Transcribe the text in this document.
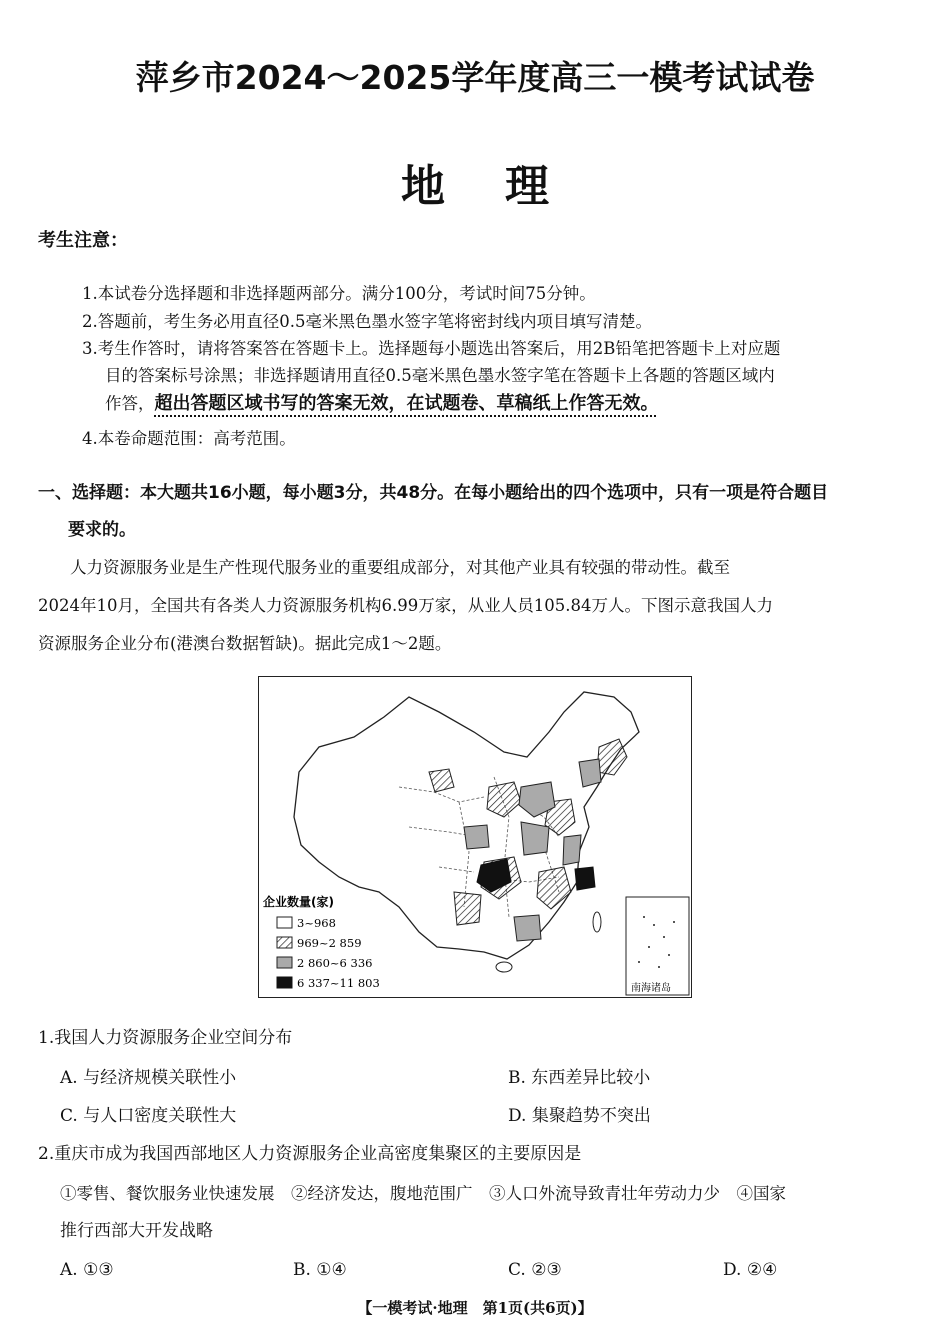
萍乡市2024～2025学年度高三一模考试试卷
地理
考生注意：
1.本试卷分选择题和非选择题两部分。满分100分，考试时间75分钟。
2.答题前，考生务必用直径0.5毫米黑色墨水签字笔将密封线内项目填写清楚。
3.考生作答时，请将答案答在答题卡上。选择题每小题选出答案后，用2B铅笔把答题卡上对应题
目的答案标号涂黑；非选择题请用直径0.5毫米黑色墨水签字笔在答题卡上各题的答题区域内
作答，超出答题区域书写的答案无效，在试题卷、草稿纸上作答无效。
4.本卷命题范围：高考范围。
一、选择题：本大题共16小题，每小题3分，共48分。在每小题给出的四个选项中，只有一项是符合题目
要求的。
人力资源服务业是生产性现代服务业的重要组成部分，对其他产业具有较强的带动性。截至
2024年10月，全国共有各类人力资源服务机构6.99万家，从业人员105.84万人。下图示意我国人力
资源服务企业分布(港澳台数据暂缺)。据此完成1～2题。
企业数量(家)
3~968
969~2 859
2 860~6 336
6 337~11 803	南海诸岛
1.我国人力资源服务企业空间分布
A. 与经济规模关联性小	B. 东西差异比较小
C. 与人口密度关联性大	D. 集聚趋势不突出
2.重庆市成为我国西部地区人力资源服务企业高密度集聚区的主要原因是
①零售、餐饮服务业快速发展　②经济发达，腹地范围广　③人口外流导致青壮年劳动力少　④国家
推行西部大开发战略
A. ①③	B. ①④	C. ②③	D. ②④
【一模考试·地理　第1页(共6页)】
